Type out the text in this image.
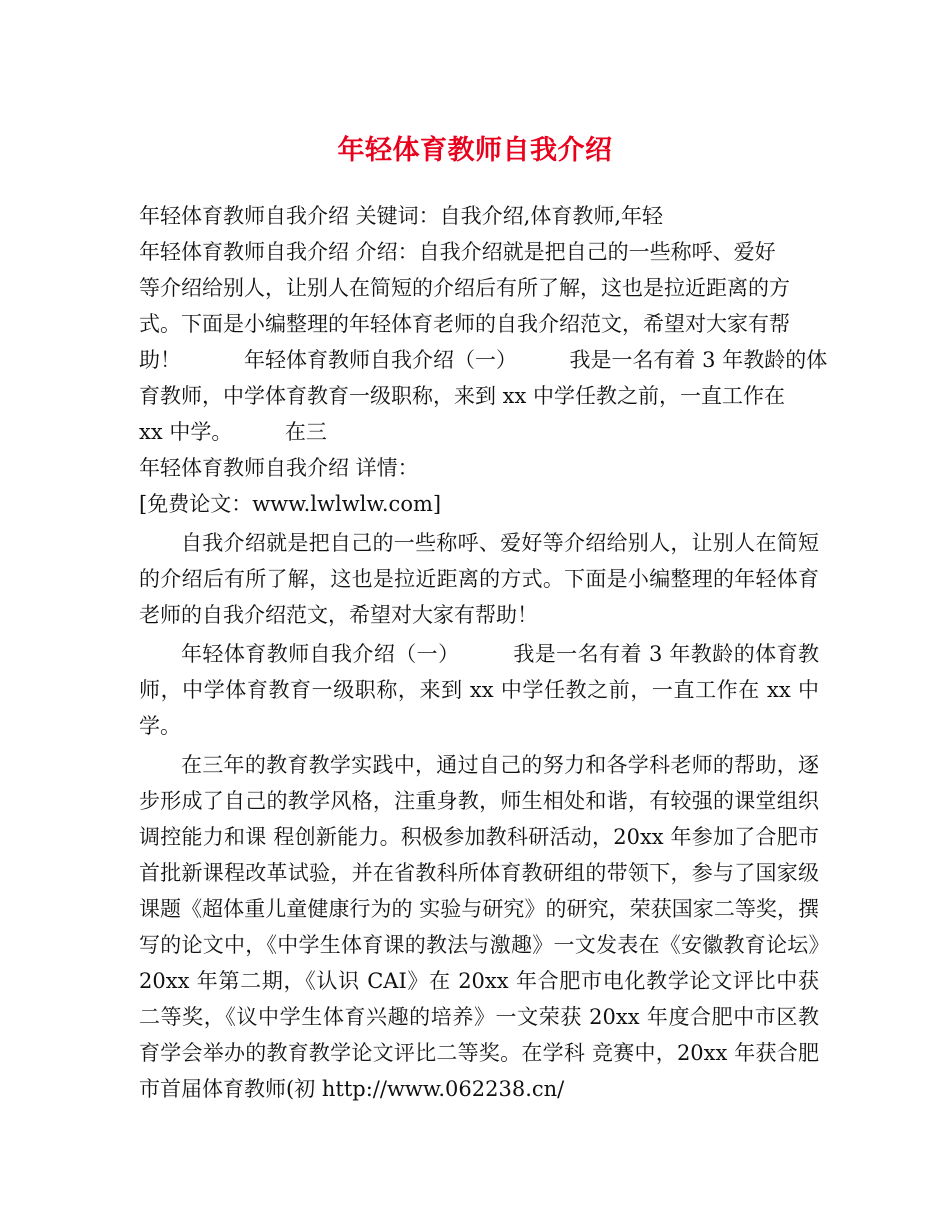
年轻体育教师自我介绍
年轻体育教师自我介绍 关键词：自我介绍,体育教师,年轻
年轻体育教师自我介绍 介绍：自我介绍就是把自己的一些称呼、爱好
等介绍给别人，让别人在简短的介绍后有所了解，这也是拉近距离的方
式。下面是小编整理的年轻体育老师的自我介绍范文，希望对大家有帮
助！　　　年轻体育教师自我介绍（一）　　　我是一名有着 3 年教龄的体
育教师，中学体育教育一级职称，来到 xx 中学任教之前，一直工作在
xx 中学。　　　在三
年轻体育教师自我介绍 详情：
[免费论文：www.lwlwlw.com]
自我介绍就是把自己的一些称呼、爱好等介绍给别人，让别人在简短的介绍后有所了解，这也是拉近距离的方式。下面是小编整理的年轻体育老师的自我介绍范文，希望对大家有帮助！
年轻体育教师自我介绍（一）　　　我是一名有着 3 年教龄的体育教师，中学体育教育一级职称，来到 xx 中学任教之前，一直工作在 xx 中学。
在三年的教育教学实践中，通过自己的努力和各学科老师的帮助，逐步形成了自己的教学风格，注重身教，师生相处和谐，有较强的课堂组织调控能力和课 程创新能力。积极参加教科研活动，20xx 年参加了合肥市首批新课程改革试验，并在省教科所体育教研组的带领下，参与了国家级课题《超体重儿童健康行为的 实验与研究》的研究，荣获国家二等奖，撰写的论文中，《中学生体育课的教法与激趣》一文发表在《安徽教育论坛》20xx 年第二期，《认识 CAI》在 20xx 年合肥市电化教学论文评比中获二等奖，《议中学生体育兴趣的培养》一文荣获 20xx 年度合肥中市区教育学会举办的教育教学论文评比二等奖。在学科 竞赛中，20xx 年获合肥市首届体育教师(初 http://www.062238.cn/
